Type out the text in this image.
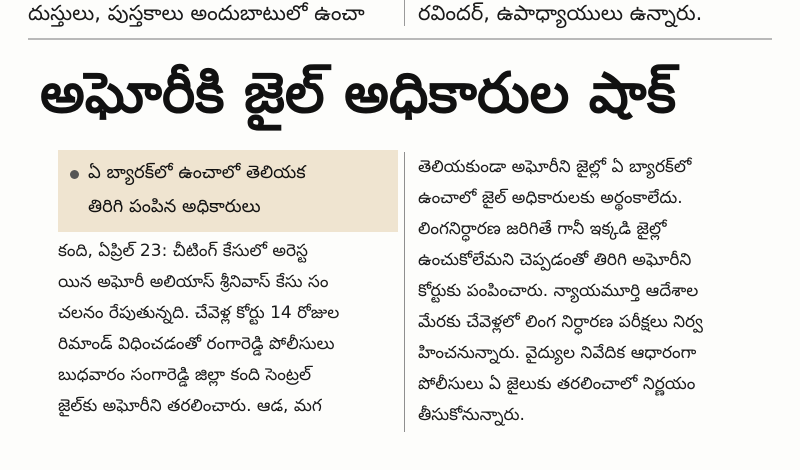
దుస్తులు, పుస్తకాలు అందుబాటులో ఉంచా	రవిందర్, ఉపాధ్యాయులు ఉన్నారు.
అఘోరీకి జైల్ అధికారుల షాక్
ఏ బ్యారక్‌లో ఉంచాలో తెలియక
తిరిగి పంపిన అధికారులు
కంది, ఏప్రిల్ 23: చీటింగ్ కేసులో అరెస్ట
యిన అఘోరీ అలియాస్ శ్రీనివాస్ కేసు సం
చలనం రేపుతున్నది. చేవెళ్ల కోర్టు 14 రోజుల
రిమాండ్ విధించడంతో రంగారెడ్డి పోలీసులు
బుధవారం సంగారెడ్డి జిల్లా కంది సెంట్రల్
జైల్‌కు అఘోరీని తరలించారు. ఆడ, మగ
తెలియకుండా అఘోరీని జైల్లో ఏ బ్యారక్‌లో
ఉంచాలో జైల్ అధికారులకు అర్థంకాలేదు.
లింగనిర్ధారణ జరిగితే గానీ ఇక్కడి జైల్లో
ఉంచుకోలేమని చెప్పడంతో తిరిగి అఘోరీని
కోర్టుకు పంపించారు. న్యాయమూర్తి ఆదేశాల
మేరకు చేవెళ్లలో లింగ నిర్ధారణ పరీక్షలు నిర్వ
హించనున్నారు. వైద్యుల నివేదిక ఆధారంగా
పోలీసులు ఏ జైలుకు తరలించాలో నిర్ణయం
తీసుకోనున్నారు.
